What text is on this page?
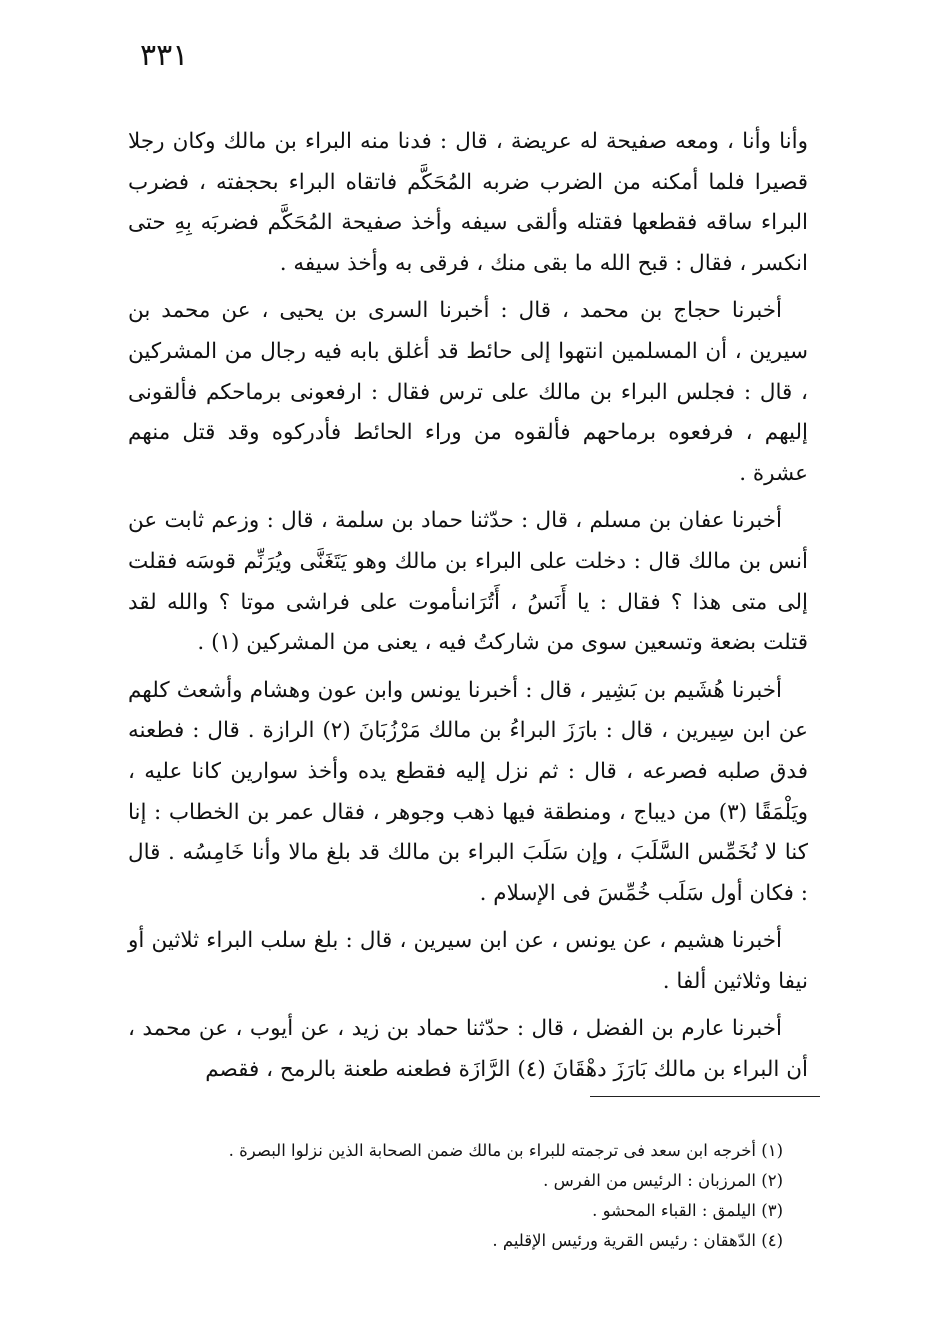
٣٣١

وأنا وأنا ، ومعه صفيحة له عريضة ، قال : فدنا منه البراء بن مالك وكان رجلا قصيرا فلما أمكنه من الضرب ضربه المُحَكَّم فاتقاه البراء بحجفته ، فضرب البراء ساقه فقطعها فقتله وألقى سيفه وأخذ صفيحة المُحَكَّم فضربَه بِهِ حتى انكسر ، فقال : قبح الله ما بقى منك ، فرقى به وأخذ سيفه .

أخبرنا حجاج بن محمد ، قال : أخبرنا السرى بن يحيى ، عن محمد بن سيرين ، أن المسلمين انتهوا إلى حائط قد أغلق بابه فيه رجال من المشركين ، قال : فجلس البراء بن مالك على ترس فقال : ارفعونى برماحكم فألقونى إليهم ، فرفعوه برماحهم فألقوه من وراء الحائط فأدركوه وقد قتل منهم عشرة .

أخبرنا عفان بن مسلم ، قال : حدّثنا حماد بن سلمة ، قال : وزعم ثابت عن أنس بن مالك قال : دخلت على البراء بن مالك وهو يَتَغَنَّى ويُرَنِّم قوسَه فقلت إلى متى هذا ؟ فقال : يا أَنَسُ ، أَتُرَانىأموت على فراشى موتا ؟ والله لقد قتلت بضعة وتسعين سوى من شاركتُ فيه ، يعنى من المشركين (١) .

أخبرنا هُشَيم بن بَشِير ، قال : أخبرنا يونس وابن عون وهشام وأشعث كلهم عن ابن سِيرين ، قال : بارَزَ البراءُ بن مالك مَرْزُبَانَ (٢) الرازة . قال : فطعنه فدق صلبه فصرعه ، قال : ثم نزل إليه فقطع يده وأخذ سوارين كانا عليه ، ويَلْمَقًا (٣) من ديباج ، ومنطقة فيها ذهب وجوهر ، فقال عمر بن الخطاب : إنا كنا لا نُخَمِّس السَّلَبَ ، وإن سَلَبَ البراء بن مالك قد بلغ مالا وأنا خَامِسُه . قال : فكان أول سَلَب خُمِّسَ فى الإسلام .

أخبرنا هشيم ، عن يونس ، عن ابن سيرين ، قال : بلغ سلب البراء ثلاثين أو نيفا وثلاثين ألفا .

أخبرنا عارم بن الفضل ، قال : حدّثنا حماد بن زيد ، عن أيوب ، عن محمد ، أن البراء بن مالك بَارَزَ دهْقَانَ (٤) الرَّازَة فطعنه طعنة بالرمح ، فقصم

(١) أخرجه ابن سعد فى ترجمته للبراء بن مالك ضمن الصحابة الذين نزلوا البصرة .

(٢) المرزبان : الرئيس من الفرس .

(٣) اليلمق : القباء المحشو .

(٤) الدّهقان : رئيس القرية ورئيس الإقليم .
